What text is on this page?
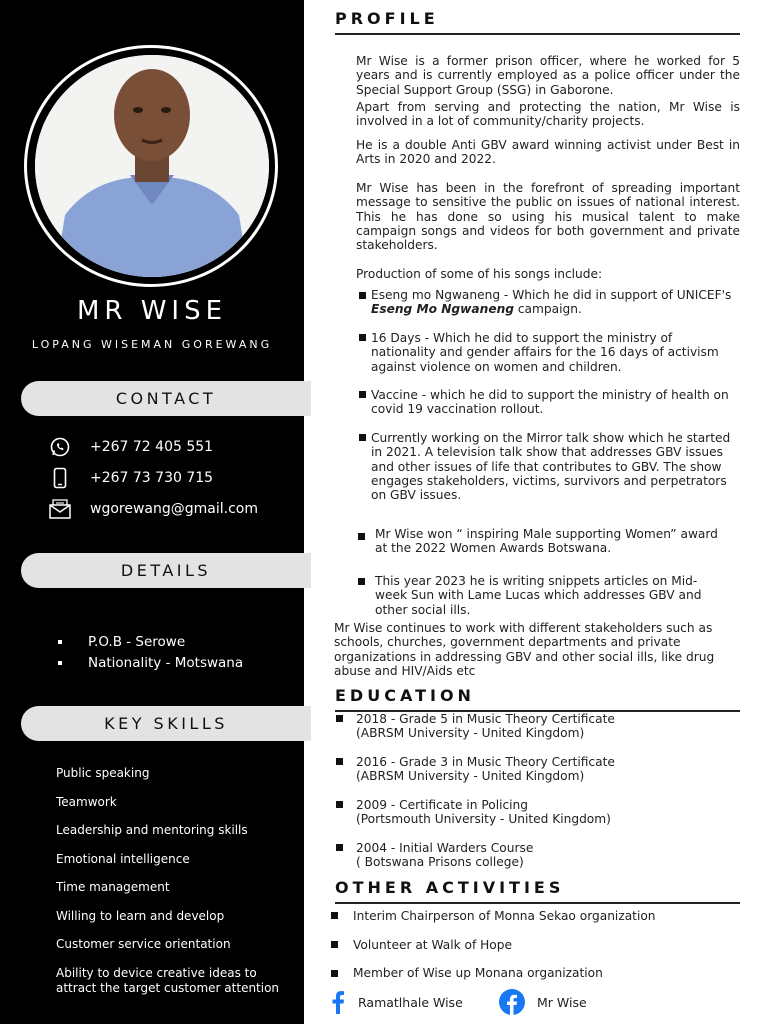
MR WISE
LOPANG WISEMAN GOREWANG
CONTACT
+267 72 405 551
+267 73 730 715
wgorewang@gmail.com
DETAILS
P.O.B - Serowe
Nationality - Motswana
KEY SKILLS
Public speaking
Teamwork
Leadership and mentoring skills
Emotional intelligence
Time management
Willing to learn and develop
Customer service orientation
Ability to device creative ideas to attract the target customer attention
PROFILE
Mr Wise is a former prison officer, where he worked for 5 years and is currently employed as a police officer under the Special Support Group (SSG) in Gaborone.
Apart from serving and protecting the nation, Mr Wise is involved in a lot of community/charity projects.
He is a double Anti GBV award winning activist under Best in Arts in 2020 and 2022.
Mr Wise has been in the forefront of spreading important message to sensitive the public on issues of national interest. This he has done so using his musical talent to make campaign songs and videos for both government and private stakeholders.
Production of some of his songs include:
Eseng mo Ngwaneng - Which he did in support of UNICEF's Eseng Mo Ngwaneng campaign.
16 Days - Which he did to support the ministry of nationality and gender affairs for the 16 days of activism against violence on women and children.
Vaccine - which he did to support the ministry of health on covid 19 vaccination rollout.
Currently working on the Mirror talk show which he started in 2021. A television talk show that addresses GBV issues and other issues of life that contributes to GBV. The show engages stakeholders, victims, survivors and perpetrators on GBV issues.
Mr Wise won “ inspiring Male supporting Women” award at the 2022 Women Awards Botswana.
This year 2023 he is writing snippets articles on Mid-week Sun with Lame Lucas which addresses GBV and other social ills.
Mr Wise continues to work with different stakeholders such as schools, churches, government departments and private organizations in addressing GBV and other social ills, like drug abuse and HIV/Aids etc
EDUCATION
2018 - Grade 5 in Music Theory Certificate
(ABRSM University - United Kingdom)
2016 - Grade 3 in Music Theory Certificate
(ABRSM University - United Kingdom)
2009 - Certificate in Policing
(Portsmouth University - United Kingdom)
2004 - Initial Warders Course
( Botswana Prisons college)
OTHER ACTIVITIES
Interim Chairperson of Monna Sekao organization
Volunteer at Walk of Hope
Member of Wise up Monana organization
Ramatlhale Wise	Mr Wise
